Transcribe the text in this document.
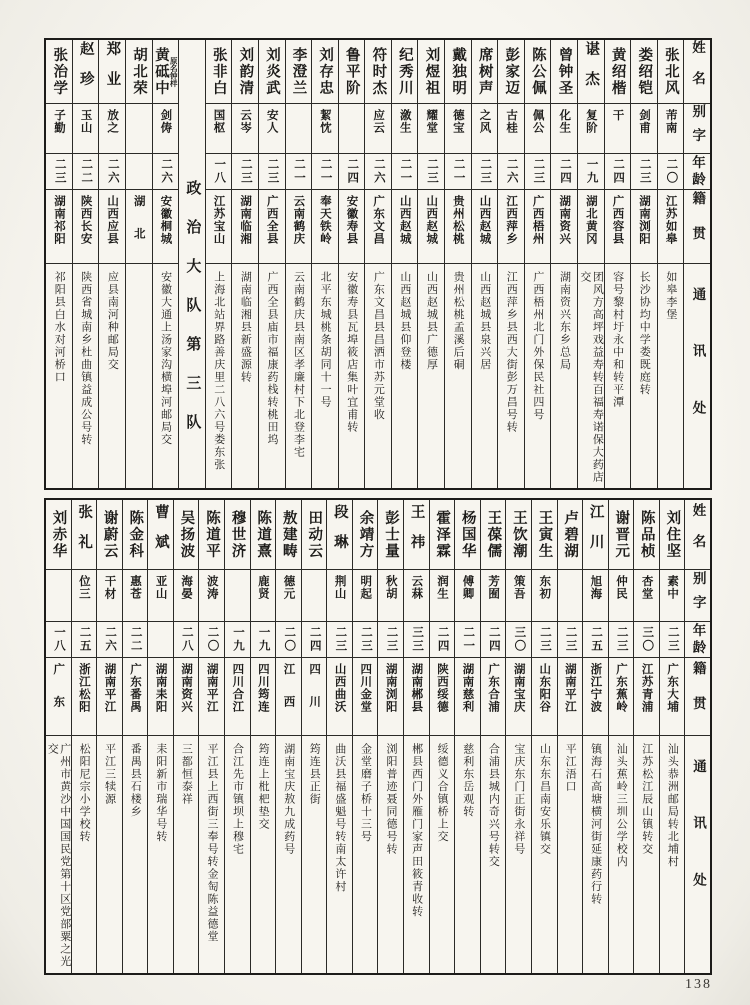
姓名
别字
年龄
籍贯
通讯处
张北风
芾南
二〇
江苏如皋
如皋李堡
娄绍铠
剑甫
二三
湖南浏阳
长沙协均中学娄既庭转
黄绍楷
干
二四
广西容县
容号黎村圩永中和转平潭
谌杰
复阶
一九
湖北黄冈
团风方高坪戏益寿转百福寿诺保大药店交
曾钟圣
化生
二四
湖南资兴
湖南资兴东乡总局
陈公佩
佩公
二三
广西梧州
广西梧州北门外保民社四号
彭家迈
古桂
二六
江西萍乡
江西萍乡县西大街彭万昌号转
席树声
之风
二三
山西赵城
山西赵城县泉兴居
戴独明
德宝
二一
贵州松桃
贵州松桃孟溪后硐
刘煜祖
耀堂
二三
山西赵城
山西赵城县广德厚
纪秀川
漵生
二一
山西赵城
山西赵城县仰登楼
符时杰
应云
二六
广东文昌
广东文昌县昌洒市苏元堂收
鲁平阶
二四
安徽寿县
安徽寿县瓦埠筱店集叶宜甫转
刘存忠
絜忱
二一
奉天铁岭
北平东城桃条胡同十一号
李澄兰
二一
云南鹤庆
云南鹤庆县南区孝廉村下北登李宅
刘炎武
安人
二三
广西全县
广西全县庙市福康药栈转桃田坞
刘韵清
云岑
二三
湖南临湘
湖南临湘县新盛源转
张非白
国枢
一八
江苏宝山
上海北站界路善庆里二八六号娄东张
政治大队第三队
原名钟样
黄砥中
剑俦
二六
安徽桐城
安徽大通上汤家沟横埠河邮局交
胡北荣
湖北
郑业
放之
二六
山西应县
应县南河种邮局交
赵珍
玉山
二二
陕西长安
陕西省城南乡杜曲镇益成公号转
张治学
子勤
二三
湖南祁阳
祁阳县白水对河桥口
姓名
别字
年龄
籍贯
通讯处
刘住坚
素中
二三
广东大埔
汕头恭洲邮局转北埔村
陈品桢
杏堂
三〇
江苏青浦
江苏松江辰山镇转交
谢晋元
仲民
二三
广东蕉岭
汕头蕉岭三圳公学校内
江川
旭海
二五
浙江宁波
镇海石高塘横河街延康药行转
卢碧湖
二三
湖南平江
平江浯口
王寅生
东初
二三
山东阳谷
山东东昌南安乐镇交
王饮潮
策吾
三〇
湖南宝庆
宝庆东门正街永祥号
王葆儒
芳囿
二四
广东合浦
合浦县城内奇兴号转交
杨国华
傅卿
二一
湖南慈利
慈利东岳观转
霍泽霖
润生
二四
陕西绥德
绥德义合镇桥上交
王祎
云菻
三三
湖南郴县
郴县西门外雁门家声田筱青收转
彭士量
秋胡
二三
湖南浏阳
浏阳普迹聂同德号转
余靖方
明起
二三
四川金堂
金堂磨子桥十三号
段琳
荆山
二三
山西曲沃
曲沃县福盛魁号转南太许村
田动云
二四
四川
筠连县正街
敖建畴
德元
二〇
江西
湖南宝庆敖九成药号
陈道熹
鹿贤
一九
四川筠连
筠连上枇杷垫交
穆世济
一九
四川合江
合江先市镇坝上穆宅
陈道平
波涛
二〇
湖南平江
平江县上西街三奉号转金匋陈益德堂
吴扬波
海晏
二八
湖南资兴
三都恒泰祥
曹斌
亚山
湖南耒阳
耒阳新市瑞华号转
陈金科
惠苍
二二
广东番禺
番禺县石楼乡
谢蔚云
干材
二六
湖南平江
平江三犊源
张礼
位三
二五
浙江松阳
松阳尼宗小学校转
刘赤华
一八
广东
广州市黄沙中国国民党第十区党部粟之光交
138
